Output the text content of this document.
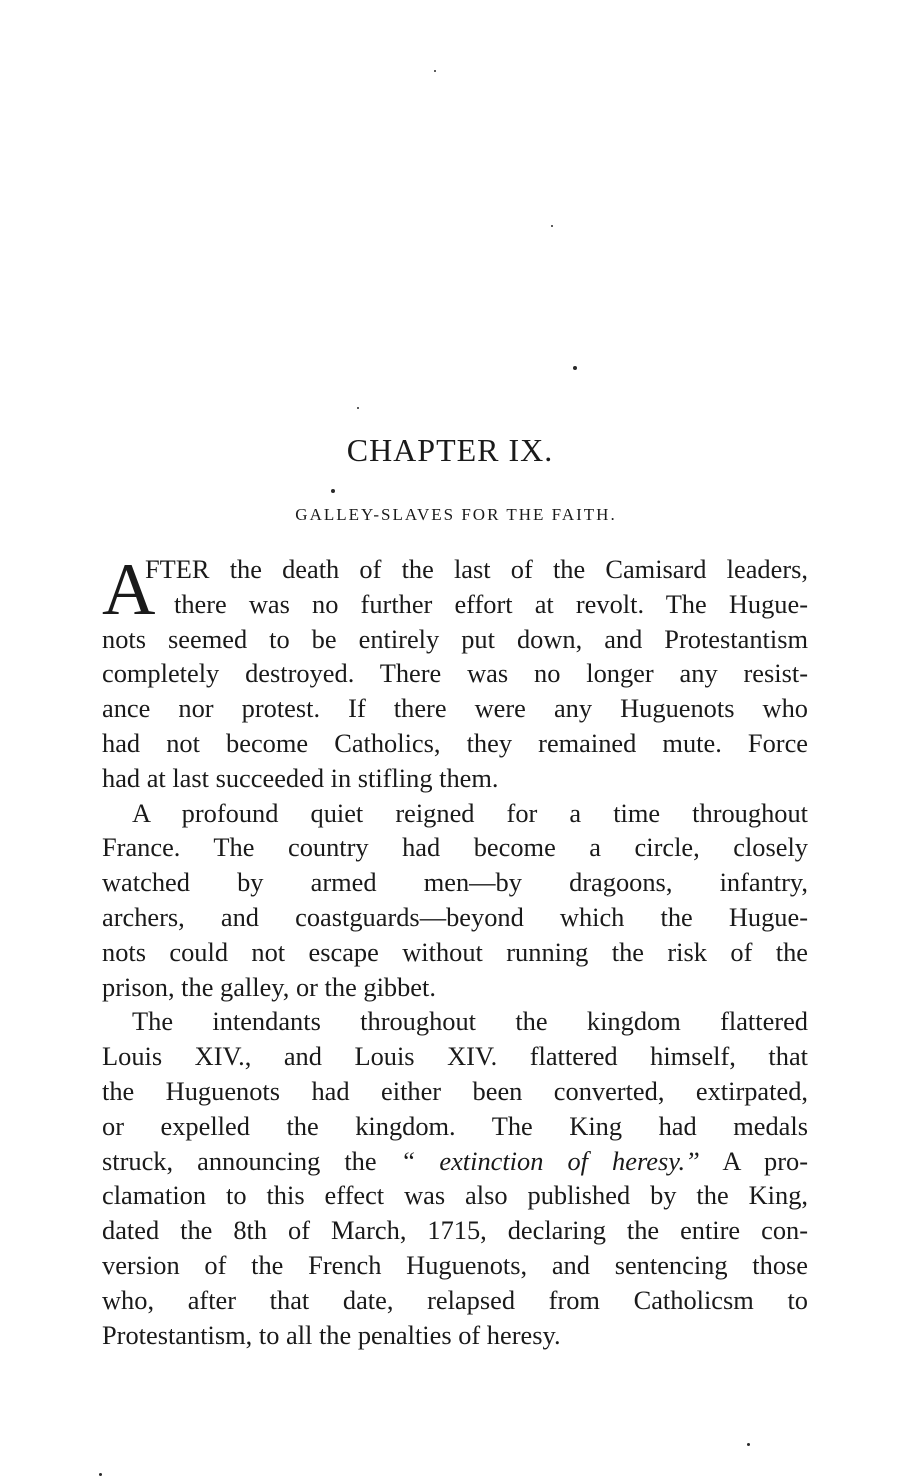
CHAPTER IX.
GALLEY-SLAVES FOR THE FAITH.
A
FTER the death of the last of the Camisard leaders,
there was no further effort at revolt. The Hugue-
nots seemed to be entirely put down, and Protestantism
completely destroyed. There was no longer any resist-
ance nor protest. If there were any Huguenots who
had not become Catholics, they remained mute. Force
had at last succeeded in stifling them.
A profound quiet reigned for a time throughout
France. The country had become a circle, closely
watched by armed men—by dragoons, infantry,
archers, and coastguards—beyond which the Hugue-
nots could not escape without running the risk of the
prison, the galley, or the gibbet.
The intendants throughout the kingdom flattered
Louis XIV., and Louis XIV. flattered himself, that
the Huguenots had either been converted, extirpated,
or expelled the kingdom. The King had medals
struck, announcing the “ extinction of heresy.” A pro-
clamation to this effect was also published by the King,
dated the 8th of March, 1715, declaring the entire con-
version of the French Huguenots, and sentencing those
who, after that date, relapsed from Catholicsm to
Protestantism, to all the penalties of heresy.
